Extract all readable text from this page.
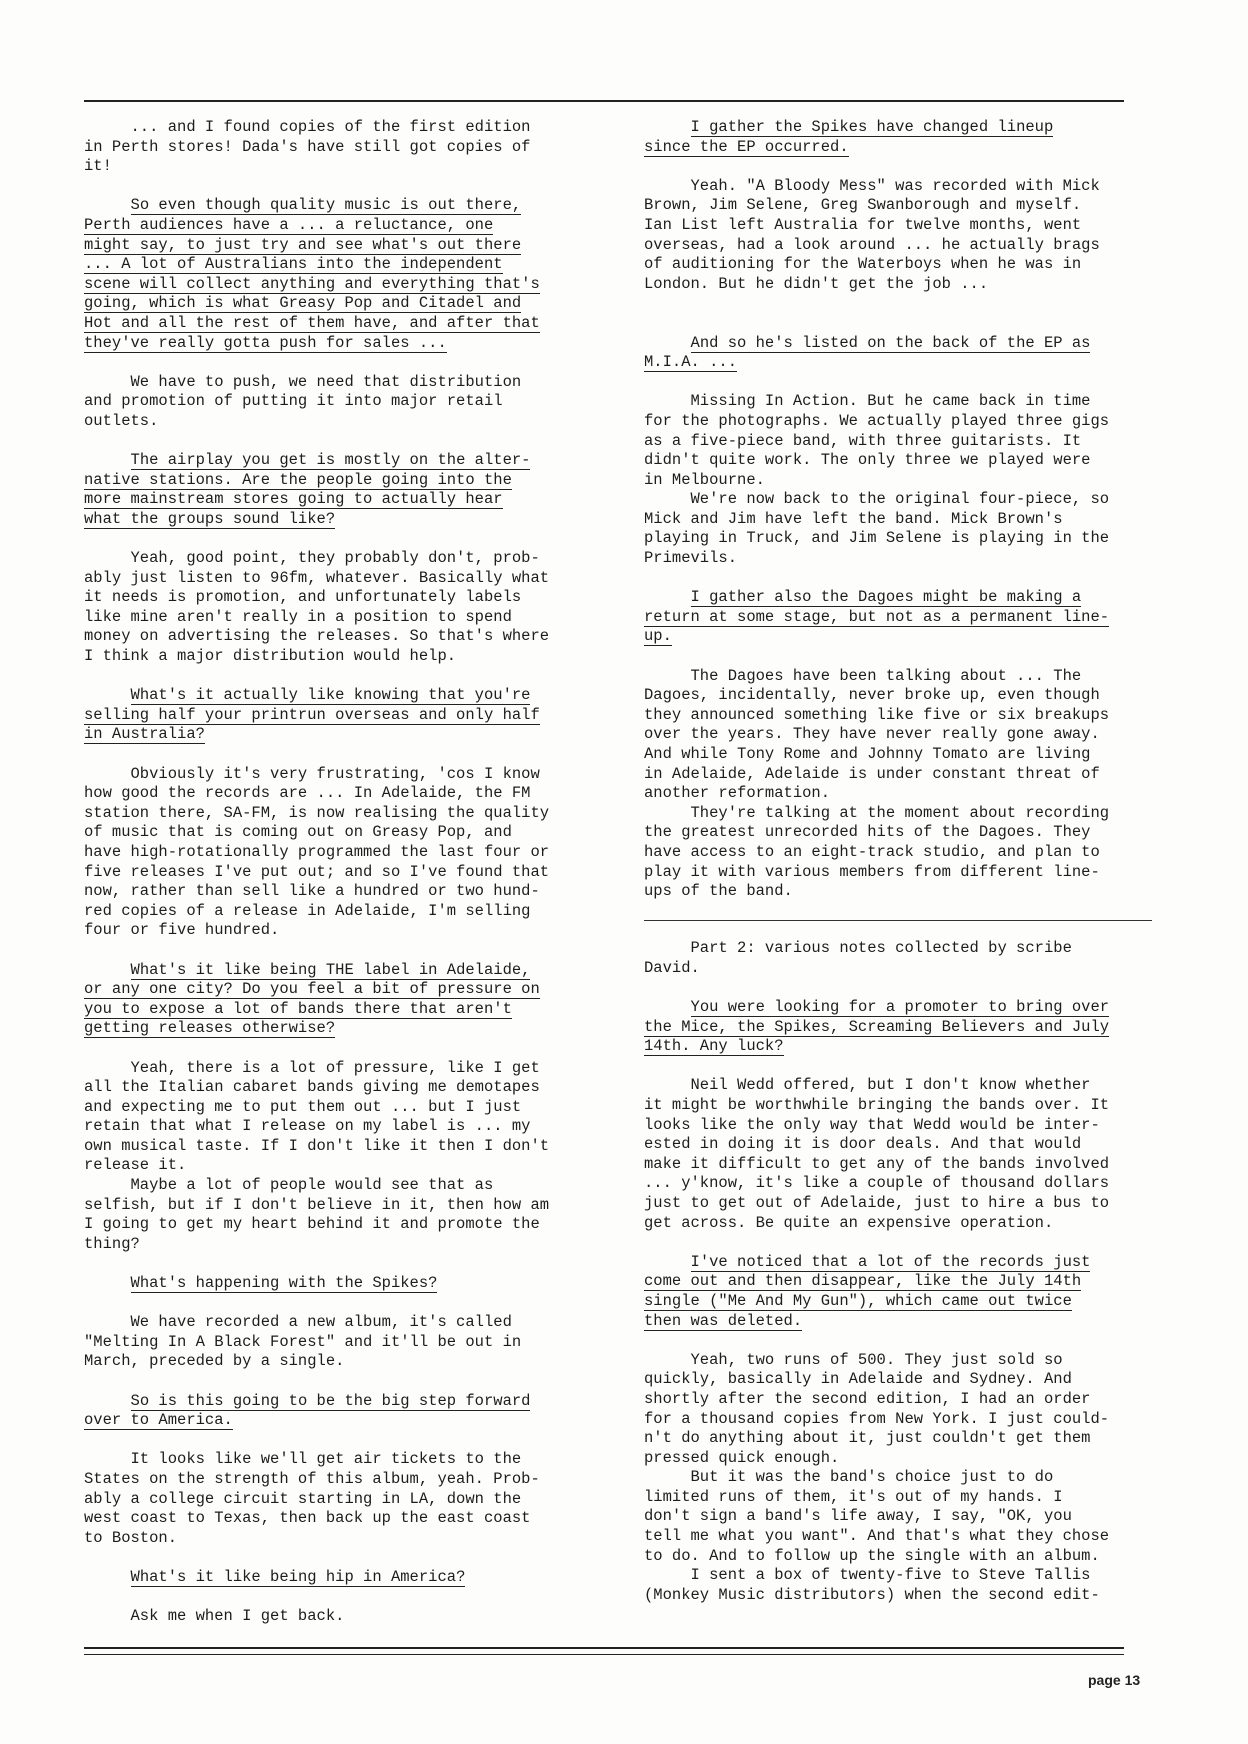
... and I found copies of the first edition

in Perth stores! Dada's have still got copies of

it!

So even though quality music is out there,

Perth audiences have a ... a reluctance, one

might say, to just try and see what's out there

... A lot of Australians into the independent

scene will collect anything and everything that's

going, which is what Greasy Pop and Citadel and

Hot and all the rest of them have, and after that

they've really gotta push for sales ...

We have to push, we need that distribution

and promotion of putting it into major retail

outlets.

The airplay you get is mostly on the alter-

native stations. Are the people going into the

more mainstream stores going to actually hear

what the groups sound like?

Yeah, good point, they probably don't, prob-

ably just listen to 96fm, whatever. Basically what

it needs is promotion, and unfortunately labels

like mine aren't really in a position to spend

money on advertising the releases. So that's where

I think a major distribution would help.

What's it actually like knowing that you're

selling half your printrun overseas and only half

in Australia?

Obviously it's very frustrating, 'cos I know

how good the records are ... In Adelaide, the FM

station there, SA-FM, is now realising the quality

of music that is coming out on Greasy Pop, and

have high-rotationally programmed the last four or

five releases I've put out; and so I've found that

now, rather than sell like a hundred or two hund-

red copies of a release in Adelaide, I'm selling

four or five hundred.

What's it like being THE label in Adelaide,

or any one city? Do you feel a bit of pressure on

you to expose a lot of bands there that aren't

getting releases otherwise?

Yeah, there is a lot of pressure, like I get

all the Italian cabaret bands giving me demotapes

and expecting me to put them out ... but I just

retain that what I release on my label is ... my

own musical taste. If I don't like it then I don't

release it.

Maybe a lot of people would see that as

selfish, but if I don't believe in it, then how am

I going to get my heart behind it and promote the

thing?

What's happening with the Spikes?

We have recorded a new album, it's called

"Melting In A Black Forest" and it'll be out in

March, preceded by a single.

So is this going to be the big step forward

over to America.

It looks like we'll get air tickets to the

States on the strength of this album, yeah. Prob-

ably a college circuit starting in LA, down the

west coast to Texas, then back up the east coast

to Boston.

What's it like being hip in America?

Ask me when I get back.

I gather the Spikes have changed lineup

since the EP occurred.

Yeah. "A Bloody Mess" was recorded with Mick

Brown, Jim Selene, Greg Swanborough and myself.

Ian List left Australia for twelve months, went

overseas, had a look around ... he actually brags

of auditioning for the Waterboys when he was in

London. But he didn't get the job ...

And so he's listed on the back of the EP as

M.I.A. ...

Missing In Action. But he came back in time

for the photographs. We actually played three gigs

as a five-piece band, with three guitarists. It

didn't quite work. The only three we played were

in Melbourne.

We're now back to the original four-piece, so

Mick and Jim have left the band. Mick Brown's

playing in Truck, and Jim Selene is playing in the

Primevils.

I gather also the Dagoes might be making a

return at some stage, but not as a permanent line-

up.

The Dagoes have been talking about ... The

Dagoes, incidentally, never broke up, even though

they announced something like five or six breakups

over the years. They have never really gone away.

And while Tony Rome and Johnny Tomato are living

in Adelaide, Adelaide is under constant threat of

another reformation.

They're talking at the moment about recording

the greatest unrecorded hits of the Dagoes. They

have access to an eight-track studio, and plan to

play it with various members from different line-

ups of the band.

Part 2: various notes collected by scribe

David.

You were looking for a promoter to bring over

the Mice, the Spikes, Screaming Believers and July

14th. Any luck?

Neil Wedd offered, but I don't know whether

it might be worthwhile bringing the bands over. It

looks like the only way that Wedd would be inter-

ested in doing it is door deals. And that would

make it difficult to get any of the bands involved

... y'know, it's like a couple of thousand dollars

just to get out of Adelaide, just to hire a bus to

get across. Be quite an expensive operation.

I've noticed that a lot of the records just

come out and then disappear, like the July 14th

single ("Me And My Gun"), which came out twice

then was deleted.

Yeah, two runs of 500. They just sold so

quickly, basically in Adelaide and Sydney. And

shortly after the second edition, I had an order

for a thousand copies from New York. I just could-

n't do anything about it, just couldn't get them

pressed quick enough.

But it was the band's choice just to do

limited runs of them, it's out of my hands. I

don't sign a band's life away, I say, "OK, you

tell me what you want". And that's what they chose

to do. And to follow up the single with an album.

I sent a box of twenty-five to Steve Tallis

(Monkey Music distributors) when the second edit-

page 13
